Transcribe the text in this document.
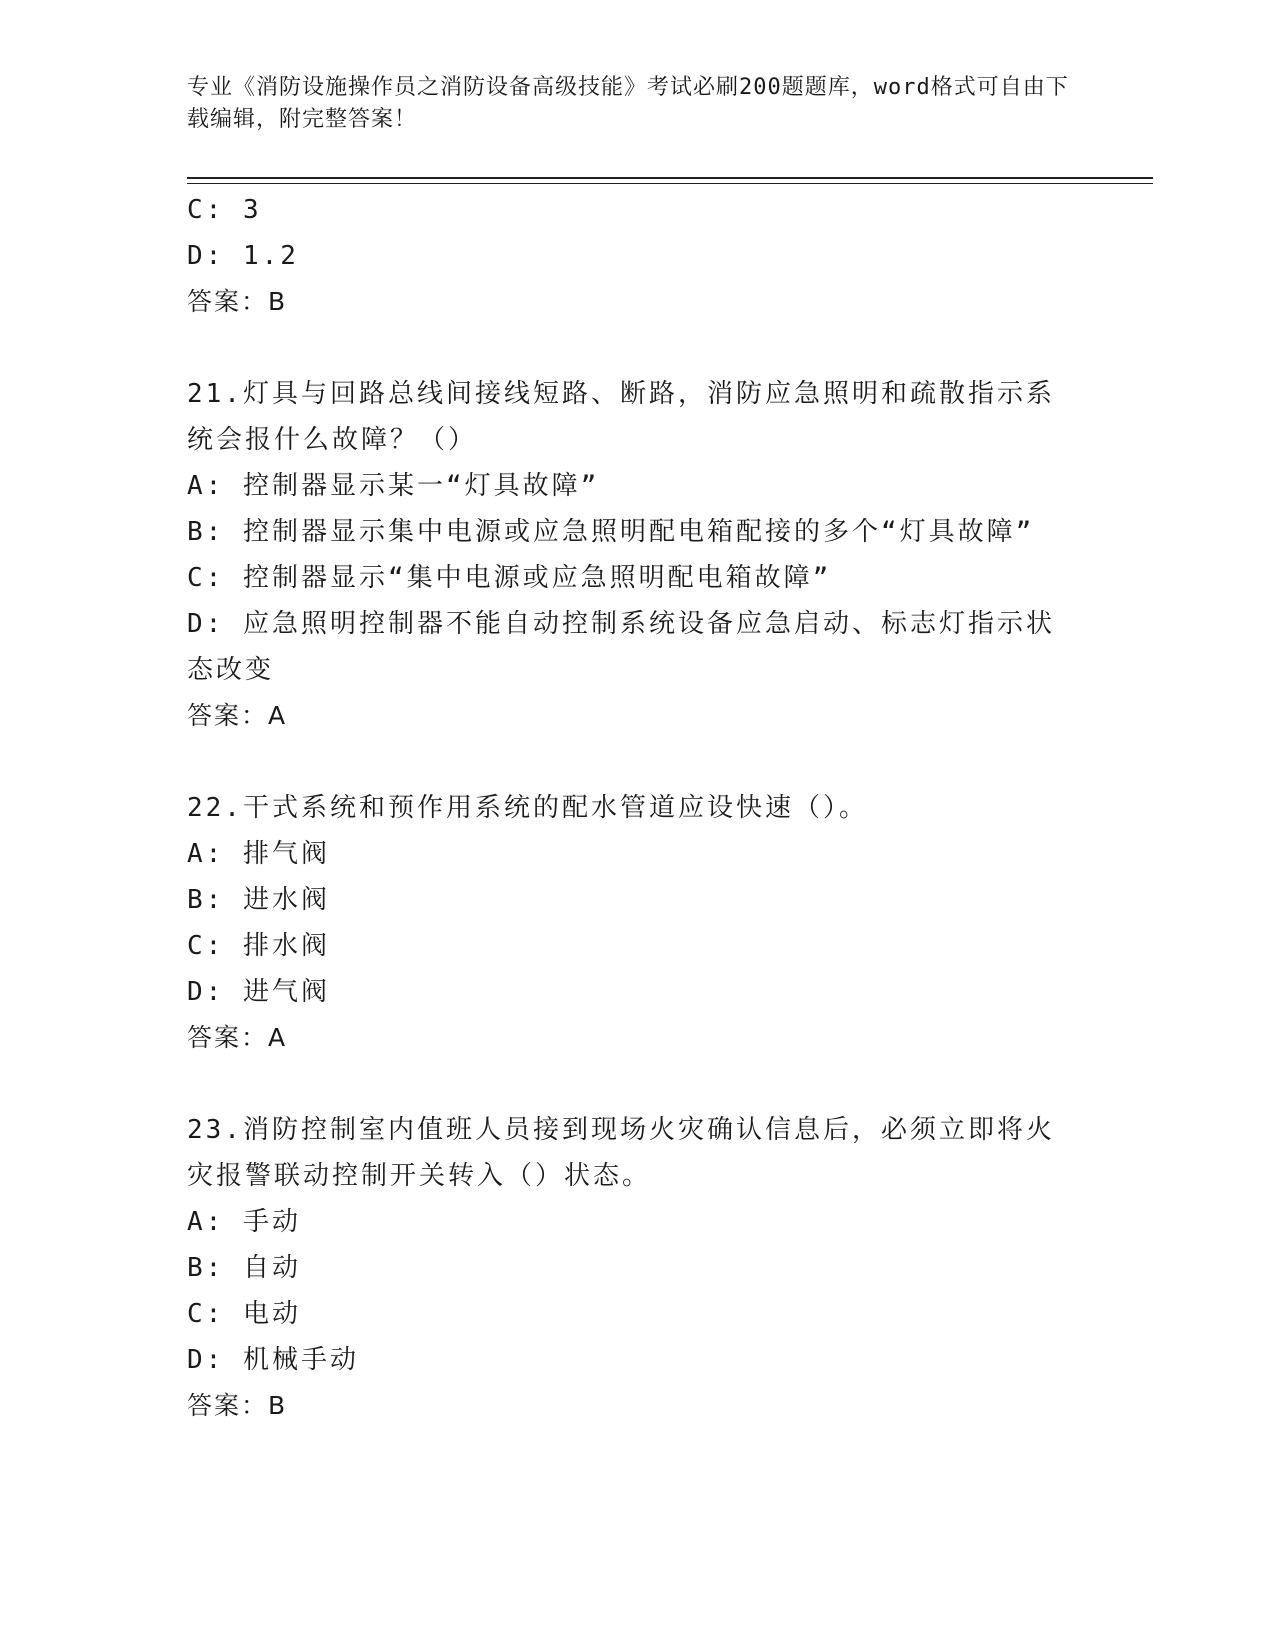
专业《消防设施操作员之消防设备高级技能》考试必刷200题题库，word格式可自由下载编辑，附完整答案！
C: 3
D: 1.2
答案：B
21.灯具与回路总线间接线短路、断路，消防应急照明和疏散指示系统会报什么故障？（）
A: 控制器显示某一“灯具故障”
B: 控制器显示集中电源或应急照明配电箱配接的多个“灯具故障”
C: 控制器显示“集中电源或应急照明配电箱故障”
D: 应急照明控制器不能自动控制系统设备应急启动、标志灯指示状态改变
答案：A
22.干式系统和预作用系统的配水管道应设快速（）。
A: 排气阀
B: 进水阀
C: 排水阀
D: 进气阀
答案：A
23.消防控制室内值班人员接到现场火灾确认信息后，必须立即将火灾报警联动控制开关转入（）状态。
A: 手动
B: 自动
C: 电动
D: 机械手动
答案：B
